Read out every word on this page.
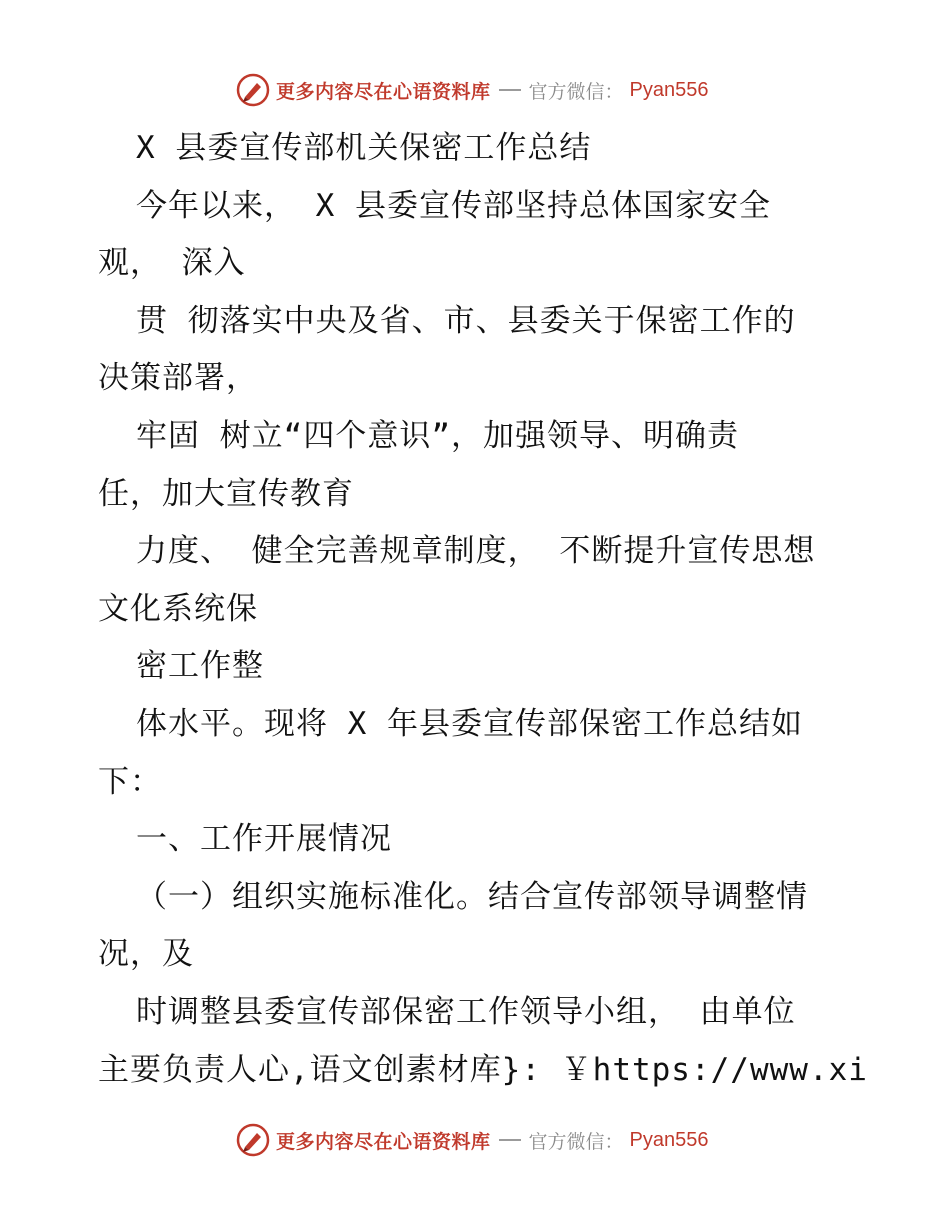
更多内容尽在心语资料库 官方微信： Pyan556
X 县委宣传部机关保密工作总结
今年以来， X 县委宣传部坚持总体国家安全
观， 深入
贯 彻落实中央及省、市、县委关于保密工作的
决策部署，
牢固 树立“四个意识”，加强领导、明确责
任，加大宣传教育
力度、 健全完善规章制度， 不断提升宣传思想
文化系统保
密工作整
体水平。现将 X 年县委宣传部保密工作总结如
下：
一、工作开展情况
（一）组织实施标准化。结合宣传部领导调整情
况，及
时调整县委宣传部保密工作领导小组， 由单位
主要负责人心,语文创素材库}: ￥https://www.xi
更多内容尽在心语资料库 官方微信： Pyan556
